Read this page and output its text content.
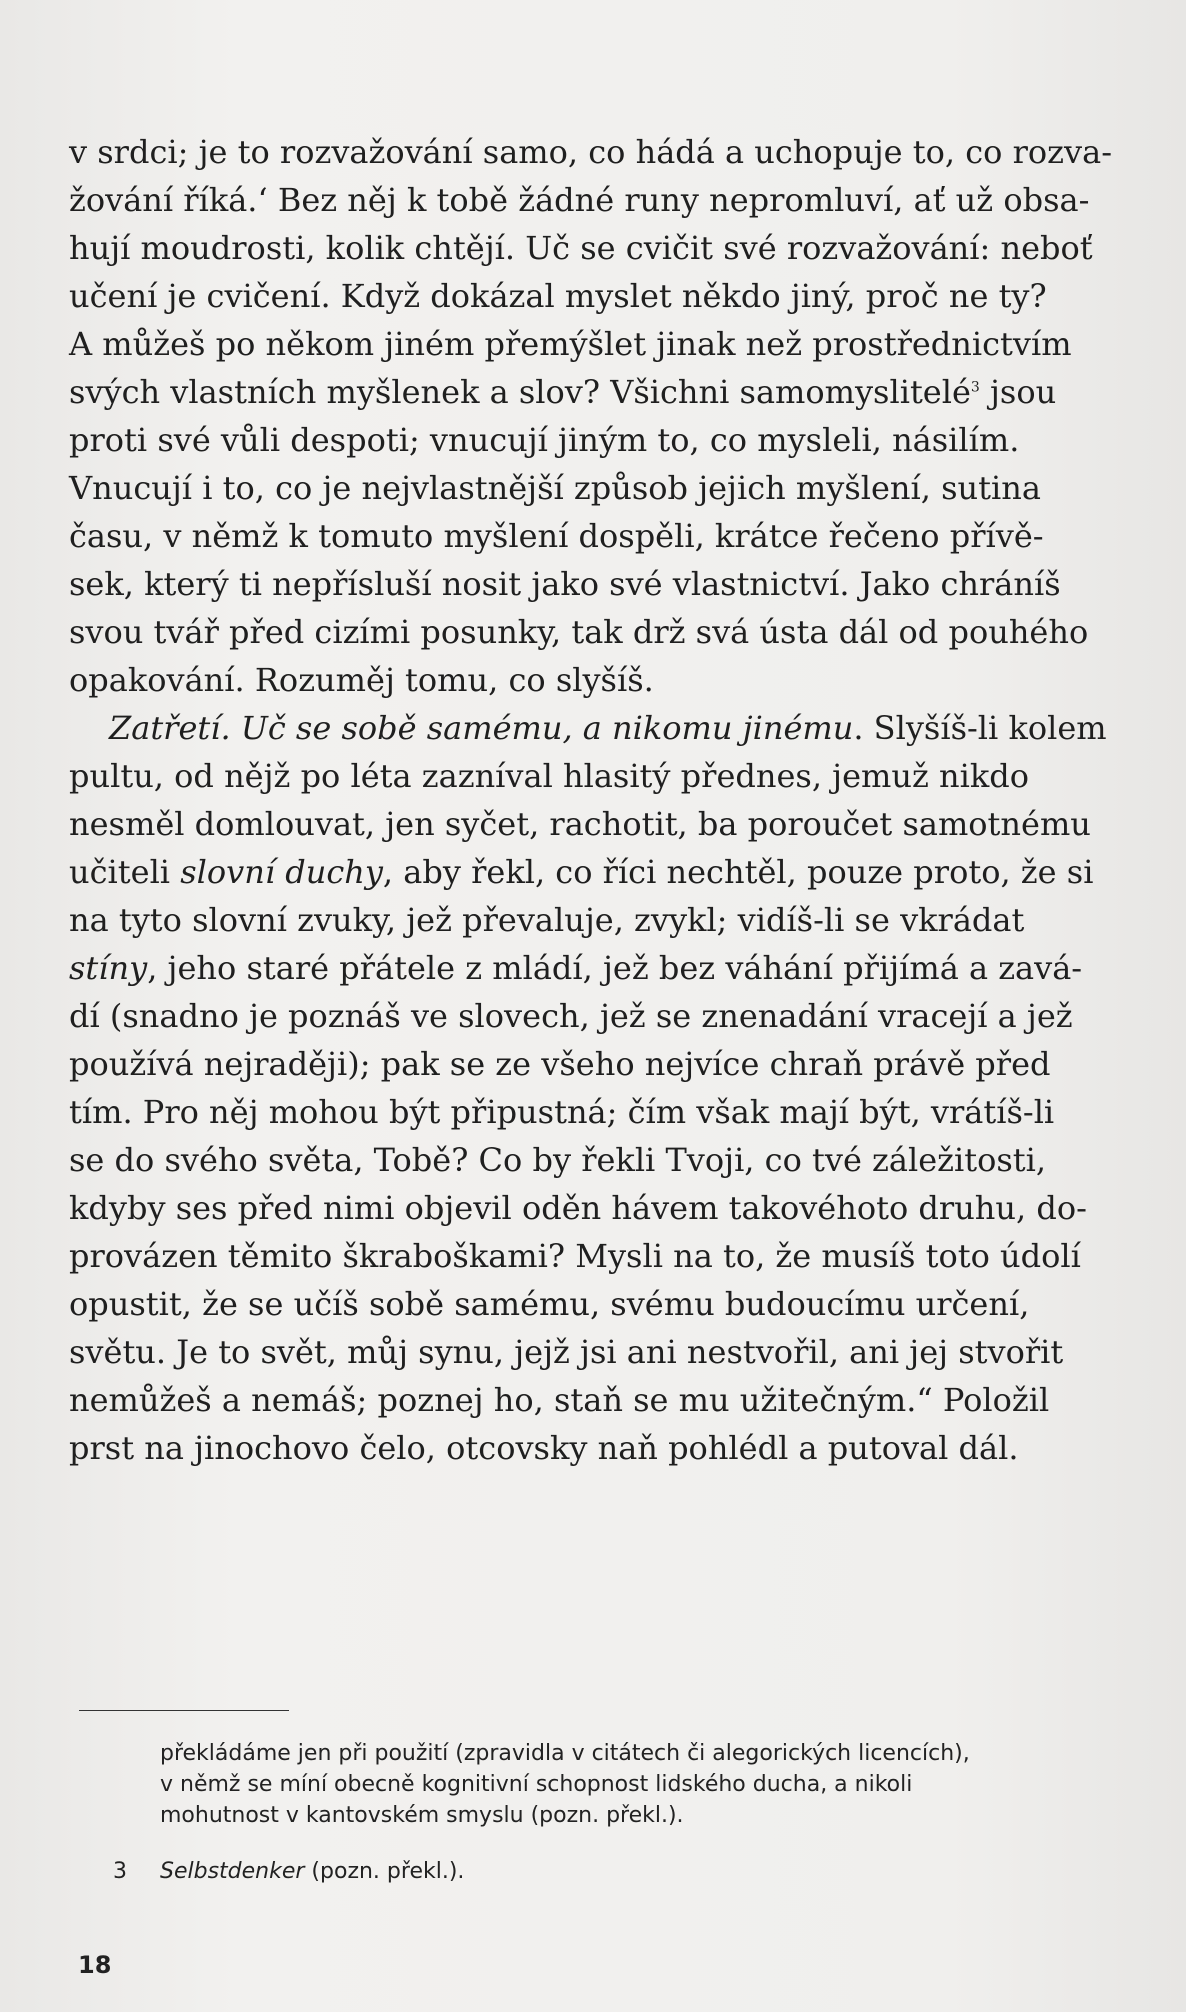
v srdci; je to rozvažování samo, co hádá a uchopuje to, co rozva-
žování říká.‘ Bez něj k tobě žádné runy nepromluví, ať už obsa-
hují moudrosti, kolik chtějí. Uč se cvičit své rozvažování: neboť
učení je cvičení. Když dokázal myslet někdo jiný, proč ne ty?
A můžeš po někom jiném přemýšlet jinak než prostřednictvím
svých vlastních myšlenek a slov? Všichni samomyslitelé$^3$ jsou
proti své vůli despoti; vnucují jiným to, co mysleli, násilím.
Vnucují i to, co je nejvlastnější způsob jejich myšlení, sutina
času, v němž k tomuto myšlení dospěli, krátce řečeno přívě-
sek, který ti nepřísluší nosit jako své vlastnictví. Jako chráníš
svou tvář před cizími posunky, tak drž svá ústa dál od pouhého
opakování. Rozuměj tomu, co slyšíš.
Zatřetí. Uč se sobě samému, a nikomu jinému. Slyšíš-li kolem
pultu, od nějž po léta zazníval hlasitý přednes, jemuž nikdo
nesměl domlouvat, jen syčet, rachotit, ba poroučet samotnému
učiteli slovní duchy, aby řekl, co říci nechtěl, pouze proto, že si
na tyto slovní zvuky, jež převaluje, zvykl; vidíš-li se vkrádat
stíny, jeho staré přátele z mládí, jež bez váhání přijímá a zavá-
dí (snadno je poznáš ve slovech, jež se znenadání vracejí a jež
používá nejraději); pak se ze všeho nejvíce chraň právě před
tím. Pro něj mohou být připustná; čím však mají být, vrátíš-li
se do svého světa, Tobě? Co by řekli Tvoji, co tvé záležitosti,
kdyby ses před nimi objevil oděn hávem takovéhoto druhu, do-
provázen těmito škraboškami? Mysli na to, že musíš toto údolí
opustit, že se učíš sobě samému, svému budoucímu určení,
světu. Je to svět, můj synu, jejž jsi ani nestvořil, ani jej stvořit
nemůžeš a nemáš; poznej ho, staň se mu užitečným.“ Položil
prst na jinochovo čelo, otcovsky naň pohlédl a putoval dál.
překládáme jen při použití (zpravidla v citátech či alegorických licencích),
v němž se míní obecně kognitivní schopnost lidského ducha, a nikoli
mohutnost v kantovském smyslu (pozn. překl.).
3 Selbstdenker (pozn. překl.).
18
